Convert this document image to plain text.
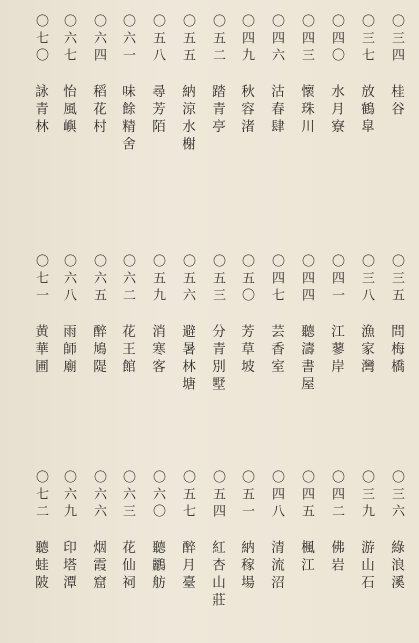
〇三四
桂谷
〇三七
放鶴皐
〇四〇
水月寮
〇四三
懷珠川
〇四六
沽春肆
〇四九
秋容渚
〇五二
踏青亭
〇五五
納涼水榭
〇五八
尋芳陌
〇六一
味餘精舍
〇六四
稻花村
〇六七
怡風嶼
〇七〇
詠青林
〇三五
問梅橋
〇三八
漁家灣
〇四一
江蓼岸
〇四四
聽濤書屋
〇四七
芸香室
〇五〇
芳草坡
〇五三
分青別墅
〇五六
避暑林塘
〇五九
消寒客
〇六二
花王館
〇六五
醉鳩隄
〇六八
雨師廟
〇七一
黄華圃
〇三六
綠浪溪
〇三九
游山石
〇四二
佛岩
〇四五
楓江
〇四八
清流沼
〇五一
納稼場
〇五四
紅杏山莊
〇五七
醉月臺
〇六〇
聽鸝舫
〇六三
花仙祠
〇六六
烟霞窟
〇六九
印塔潭
〇七二
聽蛙陂
